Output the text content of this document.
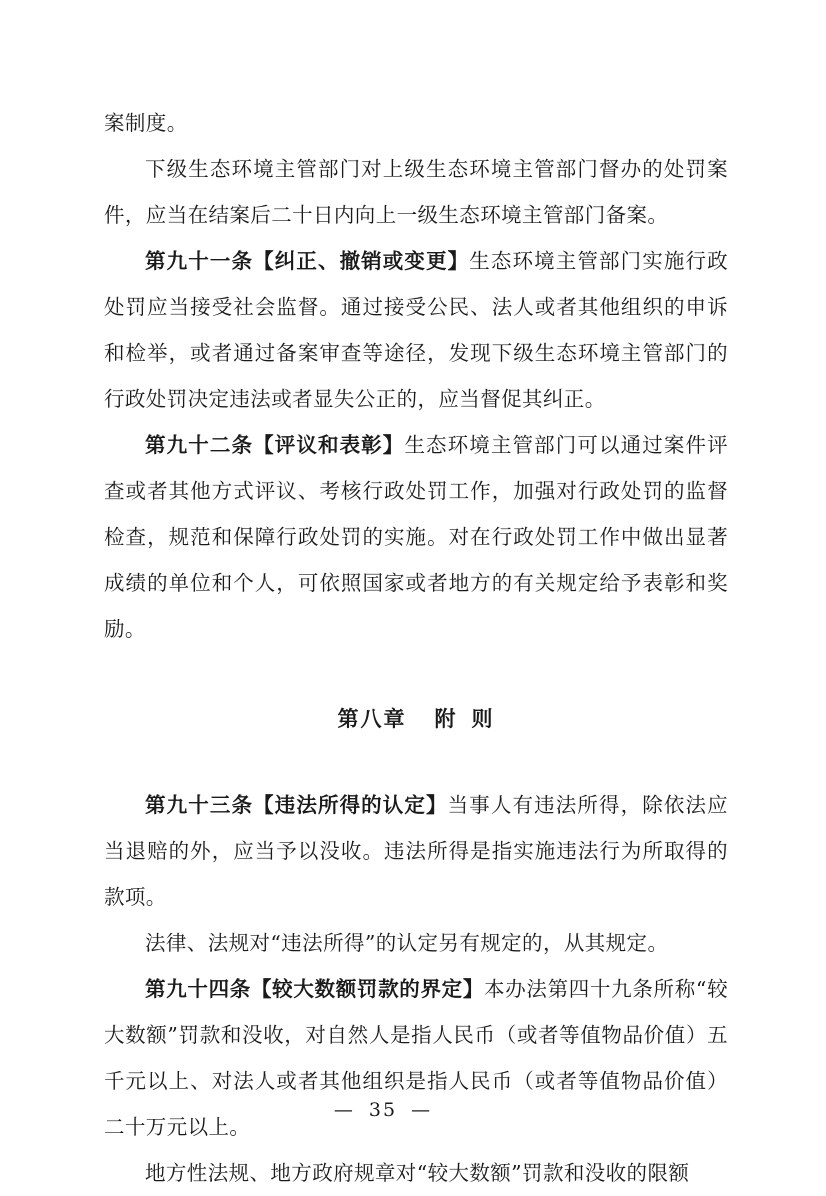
案制度。

下级生态环境主管部门对上级生态环境主管部门督办的处罚案件，应当在结案后二十日内向上一级生态环境主管部门备案。

第九十一条【纠正、撤销或变更】生态环境主管部门实施行政处罚应当接受社会监督。通过接受公民、法人或者其他组织的申诉和检举，或者通过备案审查等途径，发现下级生态环境主管部门的行政处罚决定违法或者显失公正的，应当督促其纠正。

第九十二条【评议和表彰】生态环境主管部门可以通过案件评查或者其他方式评议、考核行政处罚工作，加强对行政处罚的监督检查，规范和保障行政处罚的实施。对在行政处罚工作中做出显著成绩的单位和个人，可依照国家或者地方的有关规定给予表彰和奖励。

第八章 附 则

第九十三条【违法所得的认定】当事人有违法所得，除依法应当退赔的外，应当予以没收。违法所得是指实施违法行为所取得的款项。

法律、法规对“违法所得”的认定另有规定的，从其规定。

第九十四条【较大数额罚款的界定】本办法第四十九条所称“较大数额”罚款和没收，对自然人是指人民币（或者等值物品价值）五千元以上、对法人或者其他组织是指人民币（或者等值物品价值）二十万元以上。

地方性法规、地方政府规章对“较大数额”罚款和没收的限额

— 35 —
